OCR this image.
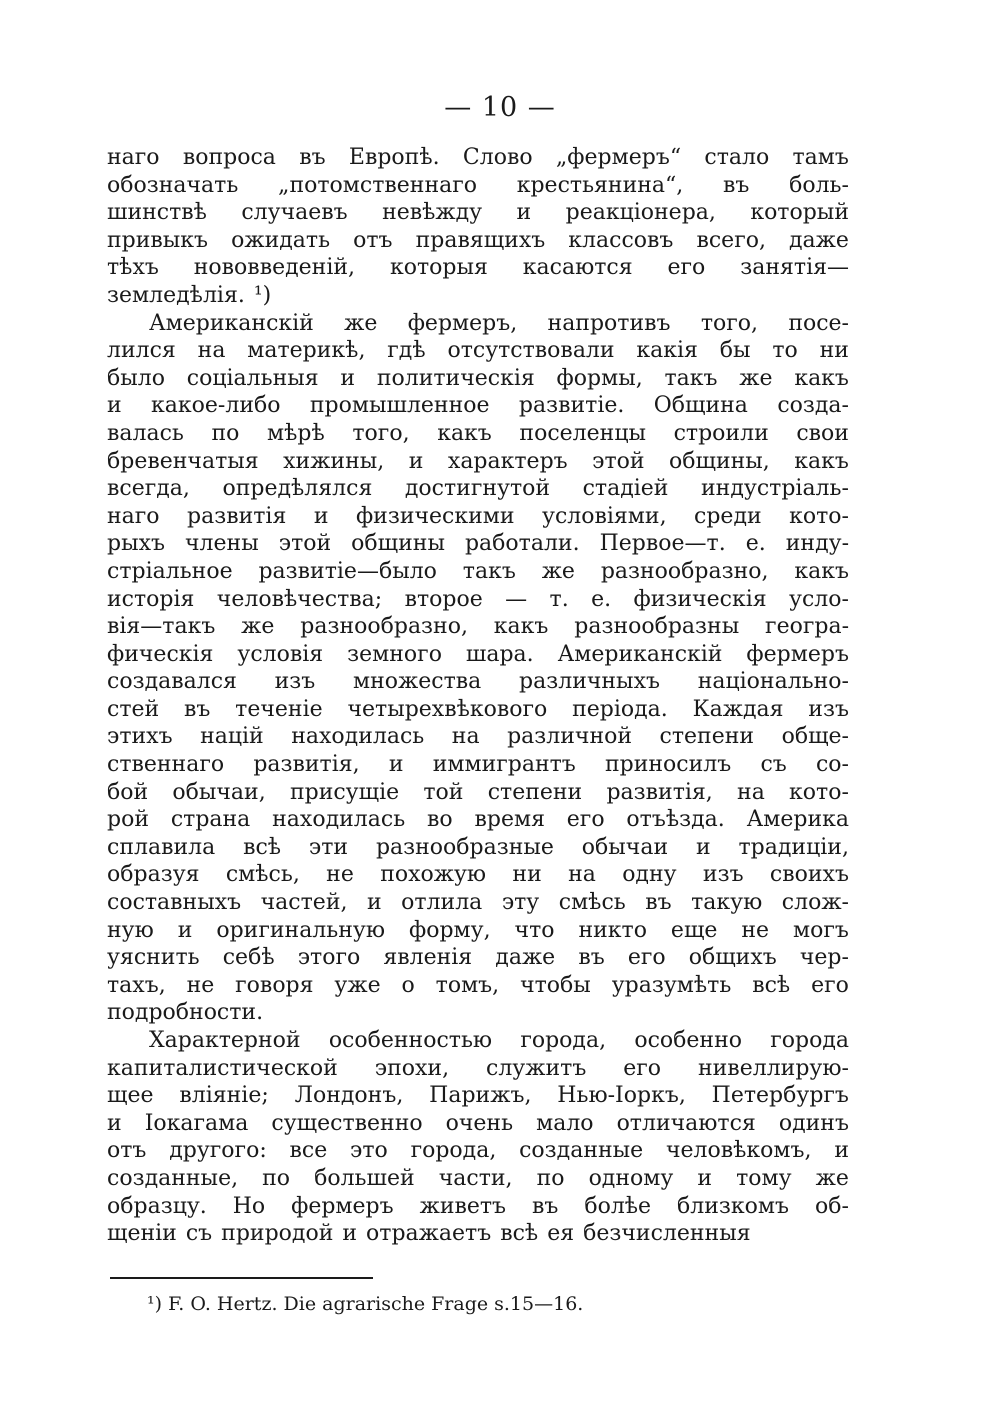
— 10 —
наго вопроса въ Европѣ. Слово „фермеръ“ стало тамъ
обозначать „потомственнаго крестьянина“, въ боль-
шинствѣ случаевъ невѣжду и реакціонера, который
привыкъ ожидать отъ правящихъ классовъ всего, даже
тѣхъ нововведеній, которыя касаются его занятія—
земледѣлія. ¹)
Американскій же фермеръ, напротивъ того, посе-
лился на материкѣ, гдѣ отсутствовали какія бы то ни
было соціальныя и политическія формы, такъ же какъ
и какое-либо промышленное развитіе. Община созда-
валась по мѣрѣ того, какъ поселенцы строили свои
бревенчатыя хижины, и характеръ этой общины, какъ
всегда, опредѣлялся достигнутой стадіей индустріаль-
наго развитія и физическими условіями, среди кото-
рыхъ члены этой общины работали. Первое—т. е. инду-
стріальное развитіе—было такъ же разнообразно, какъ
исторія человѣчества; второе — т. е. физическія усло-
вія—такъ же разнообразно, какъ разнообразны геогра-
фическія условія земного шара. Американскій фермеръ
создавался изъ множества различныхъ національно-
стей въ теченіе четырехвѣкового періода. Каждая изъ
этихъ націй находилась на различной степени обще-
ственнаго развитія, и иммигрантъ приносилъ съ со-
бой обычаи, присущіе той степени развитія, на кото-
рой страна находилась во время его отъѣзда. Америка
сплавила всѣ эти разнообразные обычаи и традиціи,
образуя смѣсь, не похожую ни на одну изъ своихъ
составныхъ частей, и отлила эту смѣсь въ такую слож-
ную и оригинальную форму, что никто еще не могъ
уяснить себѣ этого явленія даже въ его общихъ чер-
тахъ, не говоря уже о томъ, чтобы уразумѣть всѣ его
подробности.
Характерной особенностью города, особенно города
капиталистической эпохи, служитъ его нивеллирую-
щее вліяніе; Лондонъ, Парижъ, Нью-Іоркъ, Петербургъ
и Іокагама существенно очень мало отличаются одинъ
отъ другого: все это города, созданные человѣкомъ, и
созданные, по большей части, по одному и тому же
образцу. Но фермеръ живетъ въ болѣе близкомъ об-
щеніи съ природой и отражаетъ всѣ ея безчисленныя
¹) F. O. Hertz. Die agrarische Frage s.15—16.
